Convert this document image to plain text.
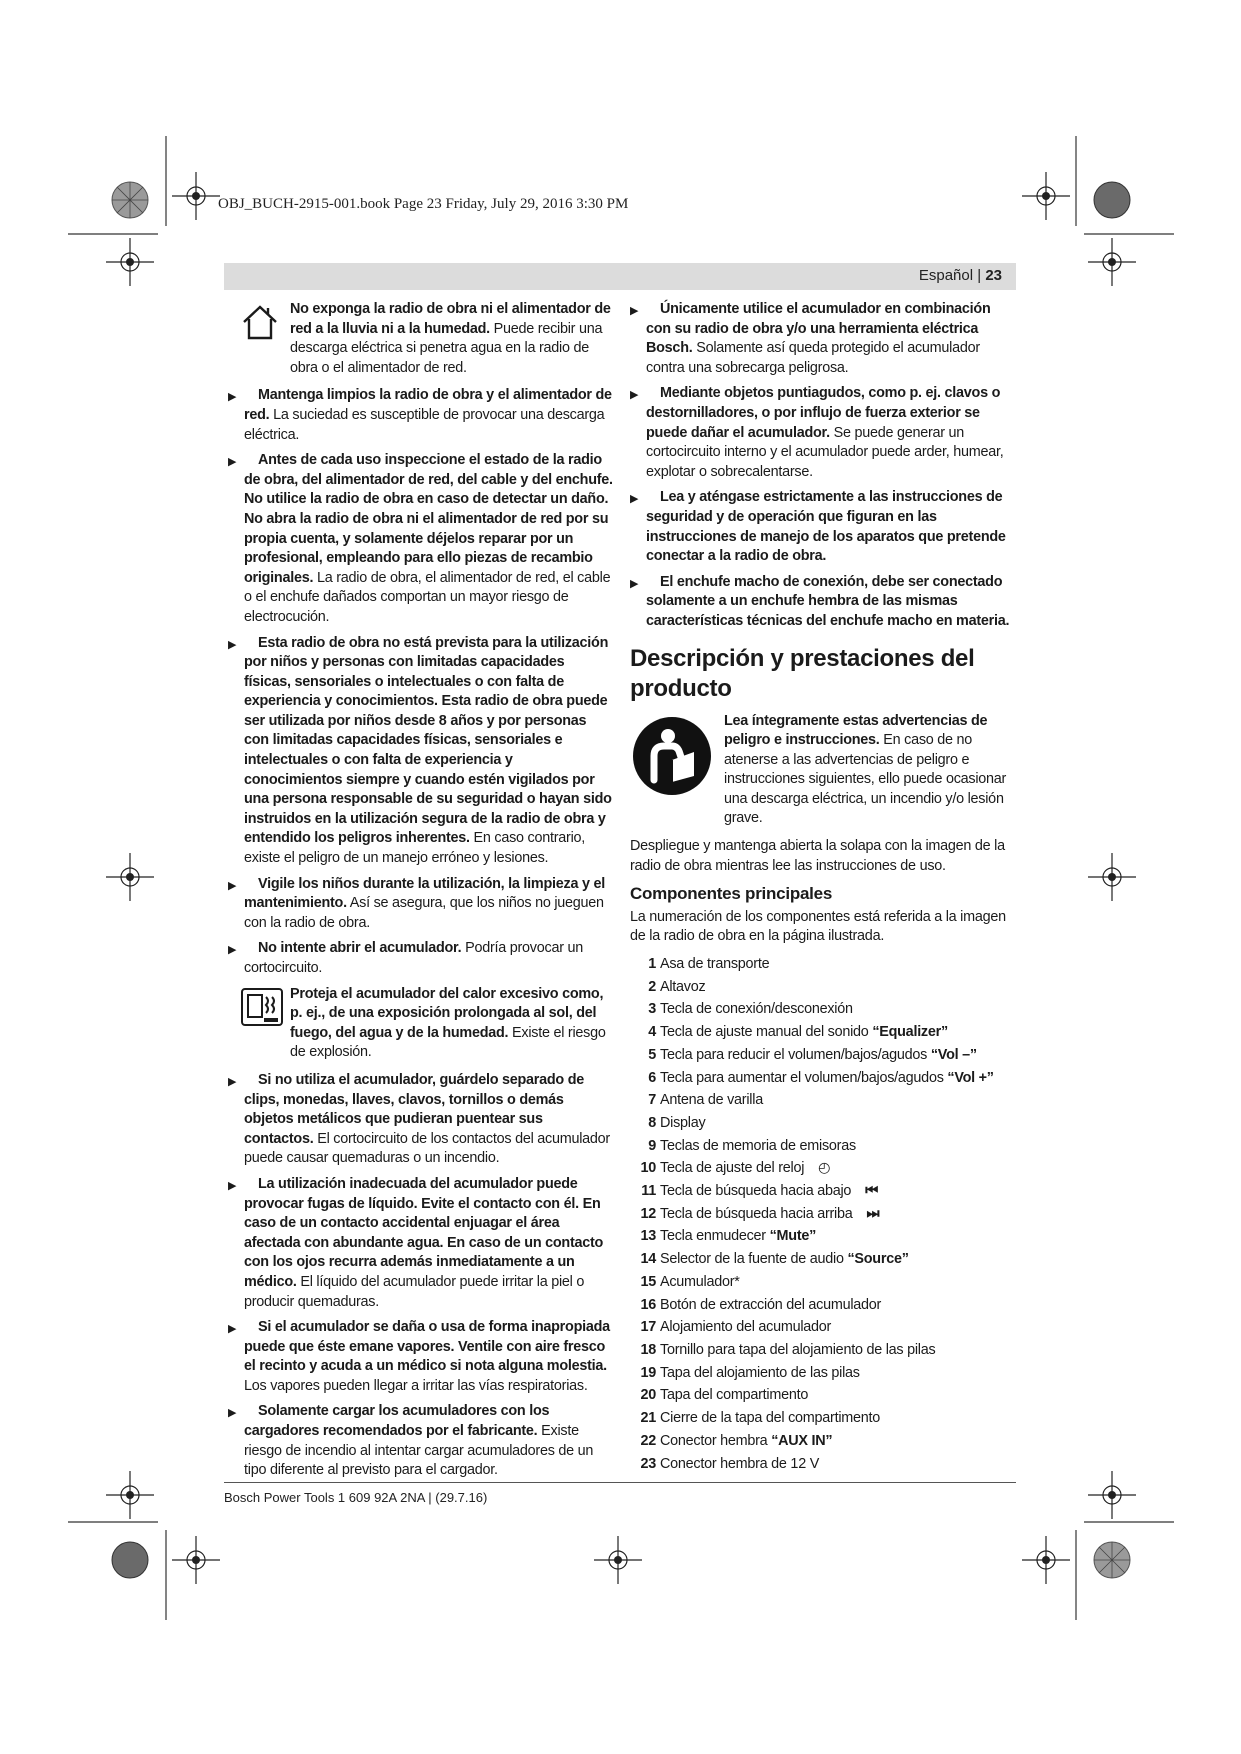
OBJ_BUCH-2915-001.book Page 23 Friday, July 29, 2016 3:30 PM
Español | 23
No exponga la radio de obra ni el alimentador de red a la lluvia ni a la humedad. Puede recibir una descarga eléctrica si penetra agua en la radio de obra o el alimentador de red.
▶ Mantenga limpios la radio de obra y el alimentador de red. La suciedad es susceptible de provocar una descarga eléctrica.
▶ Antes de cada uso inspeccione el estado de la radio de obra, del alimentador de red, del cable y del enchufe. No utilice la radio de obra en caso de detectar un daño. No abra la radio de obra ni el alimentador de red por su propia cuenta, y solamente déjelos reparar por un profesional, empleando para ello piezas de recambio originales. La radio de obra, el alimentador de red, el cable o el enchufe dañados comportan un mayor riesgo de electrocución.
▶ Esta radio de obra no está prevista para la utilización por niños y personas con limitadas capacidades físicas, sensoriales o intelectuales o con falta de experiencia y conocimientos. Esta radio de obra puede ser utilizada por niños desde 8 años y por personas con limitadas capacidades físicas, sensoriales e intelectuales o con falta de experiencia y conocimientos siempre y cuando estén vigilados por una persona responsable de su seguridad o hayan sido instruidos en la utilización segura de la radio de obra y entendido los peligros inherentes. En caso contrario, existe el peligro de un manejo erróneo y lesiones.
▶ Vigile los niños durante la utilización, la limpieza y el mantenimiento. Así se asegura, que los niños no jueguen con la radio de obra.
▶ No intente abrir el acumulador. Podría provocar un cortocircuito.
Proteja el acumulador del calor excesivo como, p. ej., de una exposición prolongada al sol, del fuego, del agua y de la humedad. Existe el riesgo de explosión.
▶ Si no utiliza el acumulador, guárdelo separado de clips, monedas, llaves, clavos, tornillos o demás objetos metálicos que pudieran puentear sus contactos. El cortocircuito de los contactos del acumulador puede causar quemaduras o un incendio.
▶ La utilización inadecuada del acumulador puede provocar fugas de líquido. Evite el contacto con él. En caso de un contacto accidental enjuagar el área afectada con abundante agua. En caso de un contacto con los ojos recurra además inmediatamente a un médico. El líquido del acumulador puede irritar la piel o producir quemaduras.
▶ Si el acumulador se daña o usa de forma inapropiada puede que éste emane vapores. Ventile con aire fresco el recinto y acuda a un médico si nota alguna molestia. Los vapores pueden llegar a irritar las vías respiratorias.
▶ Solamente cargar los acumuladores con los cargadores recomendados por el fabricante. Existe riesgo de incendio al intentar cargar acumuladores de un tipo diferente al previsto para el cargador.
▶ Únicamente utilice el acumulador en combinación con su radio de obra y/o una herramienta eléctrica Bosch. Solamente así queda protegido el acumulador contra una sobrecarga peligrosa.
▶ Mediante objetos puntiagudos, como p. ej. clavos o destornilladores, o por influjo de fuerza exterior se puede dañar el acumulador. Se puede generar un cortocircuito interno y el acumulador puede arder, humear, explotar o sobrecalentarse.
▶ Lea y aténgase estrictamente a las instrucciones de seguridad y de operación que figuran en las instrucciones de manejo de los aparatos que pretende conectar a la radio de obra.
▶ El enchufe macho de conexión, debe ser conectado solamente a un enchufe hembra de las mismas características técnicas del enchufe macho en materia.
Descripción y prestaciones del producto
Lea íntegramente estas advertencias de peligro e instrucciones. En caso de no atenerse a las advertencias de peligro e instrucciones siguientes, ello puede ocasionar una descarga eléctrica, un incendio y/o lesión grave.
Despliegue y mantenga abierta la solapa con la imagen de la radio de obra mientras lee las instrucciones de uso.
Componentes principales
La numeración de los componentes está referida a la imagen de la radio de obra en la página ilustrada.
1 Asa de transporte
2 Altavoz
3 Tecla de conexión/desconexión
4 Tecla de ajuste manual del sonido “Equalizer”
5 Tecla para reducir el volumen/bajos/agudos “Vol –”
6 Tecla para aumentar el volumen/bajos/agudos “Vol +”
7 Antena de varilla
8 Display
9 Teclas de memoria de emisoras
10 Tecla de ajuste del reloj ◴
11 Tecla de búsqueda hacia abajo ⏮
12 Tecla de búsqueda hacia arriba ⏭
13 Tecla enmudecer “Mute”
14 Selector de la fuente de audio “Source”
15 Acumulador*
16 Botón de extracción del acumulador
17 Alojamiento del acumulador
18 Tornillo para tapa del alojamiento de las pilas
19 Tapa del alojamiento de las pilas
20 Tapa del compartimento
21 Cierre de la tapa del compartimento
22 Conector hembra “AUX IN”
23 Conector hembra de 12 V
Bosch Power Tools 1 609 92A 2NA | (29.7.16)
